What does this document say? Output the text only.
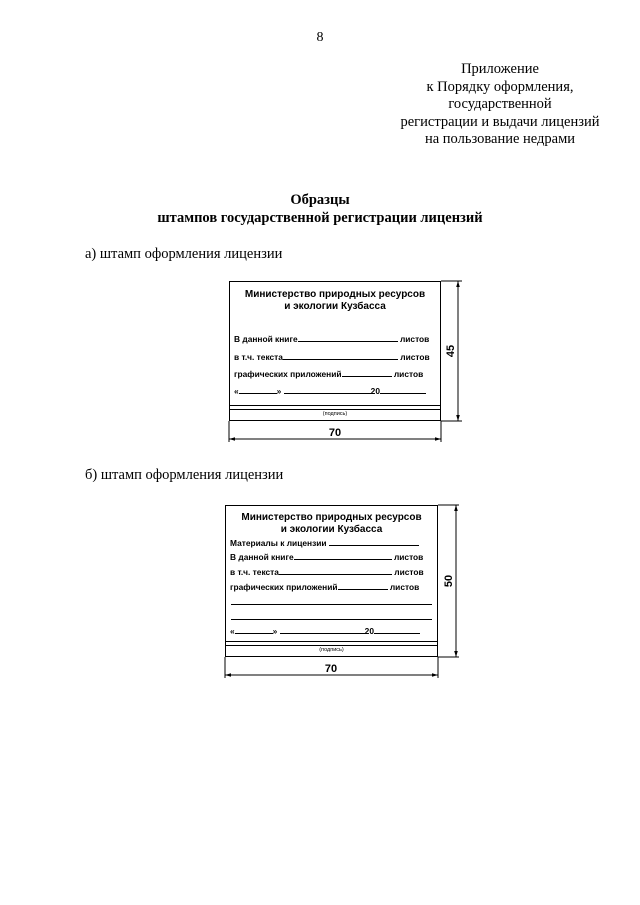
8
Приложение
к Порядку оформления,
государственной
регистрации и выдачи лицензий
на пользование недрами
Образцы
штампов государственной регистрации лицензий
а) штамп оформления лицензии
Министерство природных ресурсов
и экологии Кузбасса
В данной книге	листов
в т.ч. текста	листов
графических приложений	листов
«	»	20
(подпись)
70
45
б) штамп оформления лицензии
Министерство природных ресурсов
и экологии Кузбасса
Материалы к лицензии
В данной книге	листов
в т.ч. текста	листов
графических приложений	листов
«	»	20
(подпись)
70
50
